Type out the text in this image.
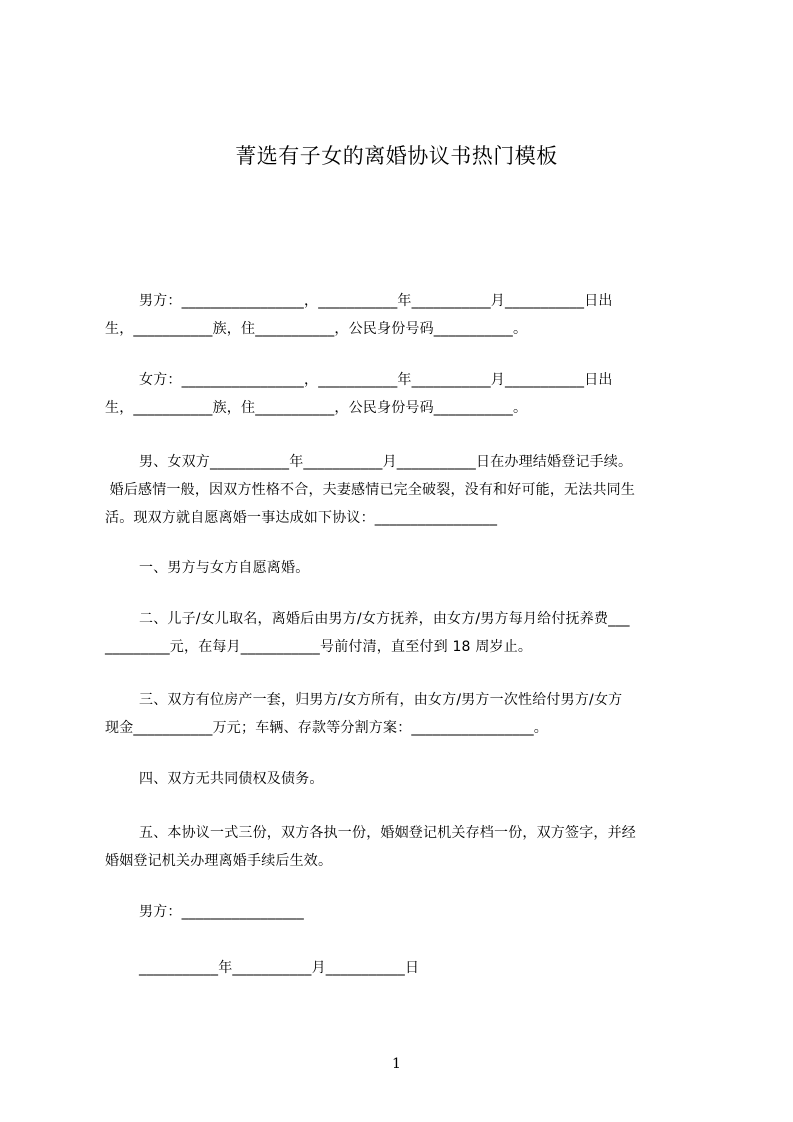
菁选有子女的离婚协议书热门模板
男方：_________________，___________年___________月___________日出
生，___________族，住___________，公民身份号码___________。
女方：_________________，___________年___________月___________日出
生，___________族，住___________，公民身份号码___________。
男、女双方___________年___________月___________日在办理结婚登记手续。
婚后感情一般，因双方性格不合，夫妻感情已完全破裂，没有和好可能，无法共同生
活。现双方就自愿离婚一事达成如下协议：_________________
一、男方与女方自愿离婚。
二、儿子/女儿取名，离婚后由男方/女方抚养，由女方/男方每月给付抚养费___
_________元，在每月___________号前付清，直至付到 18 周岁止。
三、双方有位房产一套，归男方/女方所有，由女方/男方一次性给付男方/女方
现金___________万元；车辆、存款等分割方案：_________________。
四、双方无共同债权及债务。
五、本协议一式三份，双方各执一份，婚姻登记机关存档一份，双方签字，并经
婚姻登记机关办理离婚手续后生效。
男方：_________________
___________年___________月___________日
1
